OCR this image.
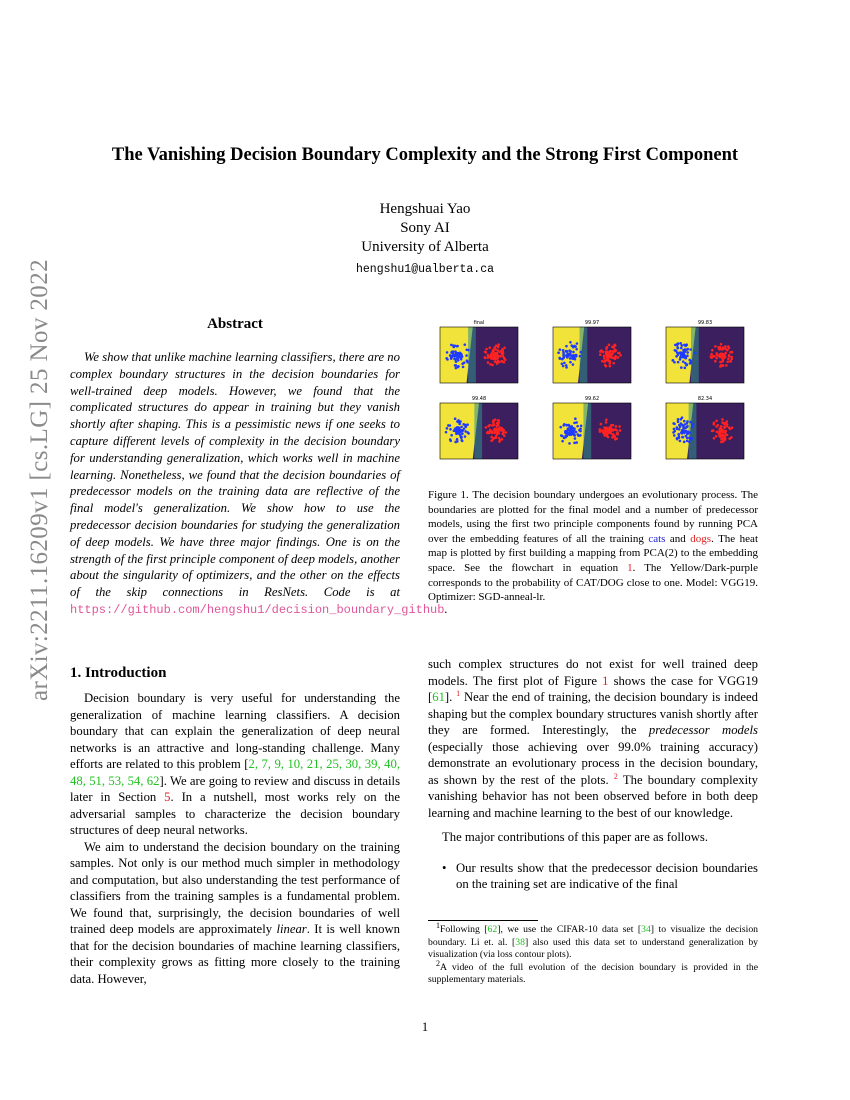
arXiv:2211.16209v1 [cs.LG] 25 Nov 2022
The Vanishing Decision Boundary Complexity and the Strong First Component
Hengshuai Yao
Sony AI
University of Alberta
hengshu1@ualberta.ca
Abstract
We show that unlike machine learning classifiers, there are no complex boundary structures in the decision boundaries for well-trained deep models. However, we found that the complicated structures do appear in training but they vanish shortly after shaping. This is a pessimistic news if one seeks to capture different levels of complexity in the decision boundary for understanding generalization, which works well in machine learning. Nonetheless, we found that the decision boundaries of predecessor models on the training data are reflective of the final model's generalization. We show how to use the predecessor decision boundaries for studying the generalization of deep models. We have three major findings. One is on the strength of the first principle component of deep models, another about the singularity of optimizers, and the other on the effects of the skip connections in ResNets. Code is at https://github.com/hengshu1/decision_boundary_github.
1. Introduction

Decision boundary is very useful for understanding the generalization of machine learning classifiers. A decision boundary that can explain the generalization of deep neural networks is an attractive and long-standing challenge. Many efforts are related to this problem [2, 7, 9, 10, 21, 25, 30, 39, 40, 48, 51, 53, 54, 62]. We are going to review and discuss in details later in Section 5. In a nutshell, most works rely on the adversarial samples to characterize the decision boundary structures of deep neural networks.

We aim to understand the decision boundary on the training samples. Not only is our method much simpler in methodology and computation, but also understanding the test performance of classifiers from the training samples is a fundamental problem. We found that, surprisingly, the decision boundaries of well trained deep models are approximately linear. It is well known that for the decision boundaries of machine learning classifiers, their complexity grows as fitting more closely to the training data. However,

final	99.97	99.83
99.48	99.62	82.34
Figure 1. The decision boundary undergoes an evolutionary process. The boundaries are plotted for the final model and a number of predecessor models, using the first two principle components found by running PCA over the embedding features of all the training cats and dogs. The heat map is plotted by first building a mapping from PCA(2) to the embedding space. See the flowchart in equation 1. The Yellow/Dark-purple corresponds to the probability of CAT/DOG close to one. Model: VGG19. Optimizer: SGD-anneal-lr.

such complex structures do not exist for well trained deep models. The first plot of Figure 1 shows the case for VGG19 [61]. $^1$ Near the end of training, the decision boundary is indeed shaping but the complex boundary structures vanish shortly after they are formed. Interestingly, the predecessor models (especially those achieving over 99.0% training accuracy) demonstrate an evolutionary process in the decision boundary, as shown by the rest of the plots. $^2$ The boundary complexity vanishing behavior has not been observed before in both deep learning and machine learning to the best of our knowledge.

The major contributions of this paper are as follows.

• Our results show that the predecessor decision boundaries on the training set are indicative of the final

$^1$Following [62], we use the CIFAR-10 data set [34] to visualize the decision boundary. Li et. al. [38] also used this data set to understand generalization by visualization (via loss contour plots).

$^2$A video of the full evolution of the decision boundary is provided in the supplementary materials.

1
